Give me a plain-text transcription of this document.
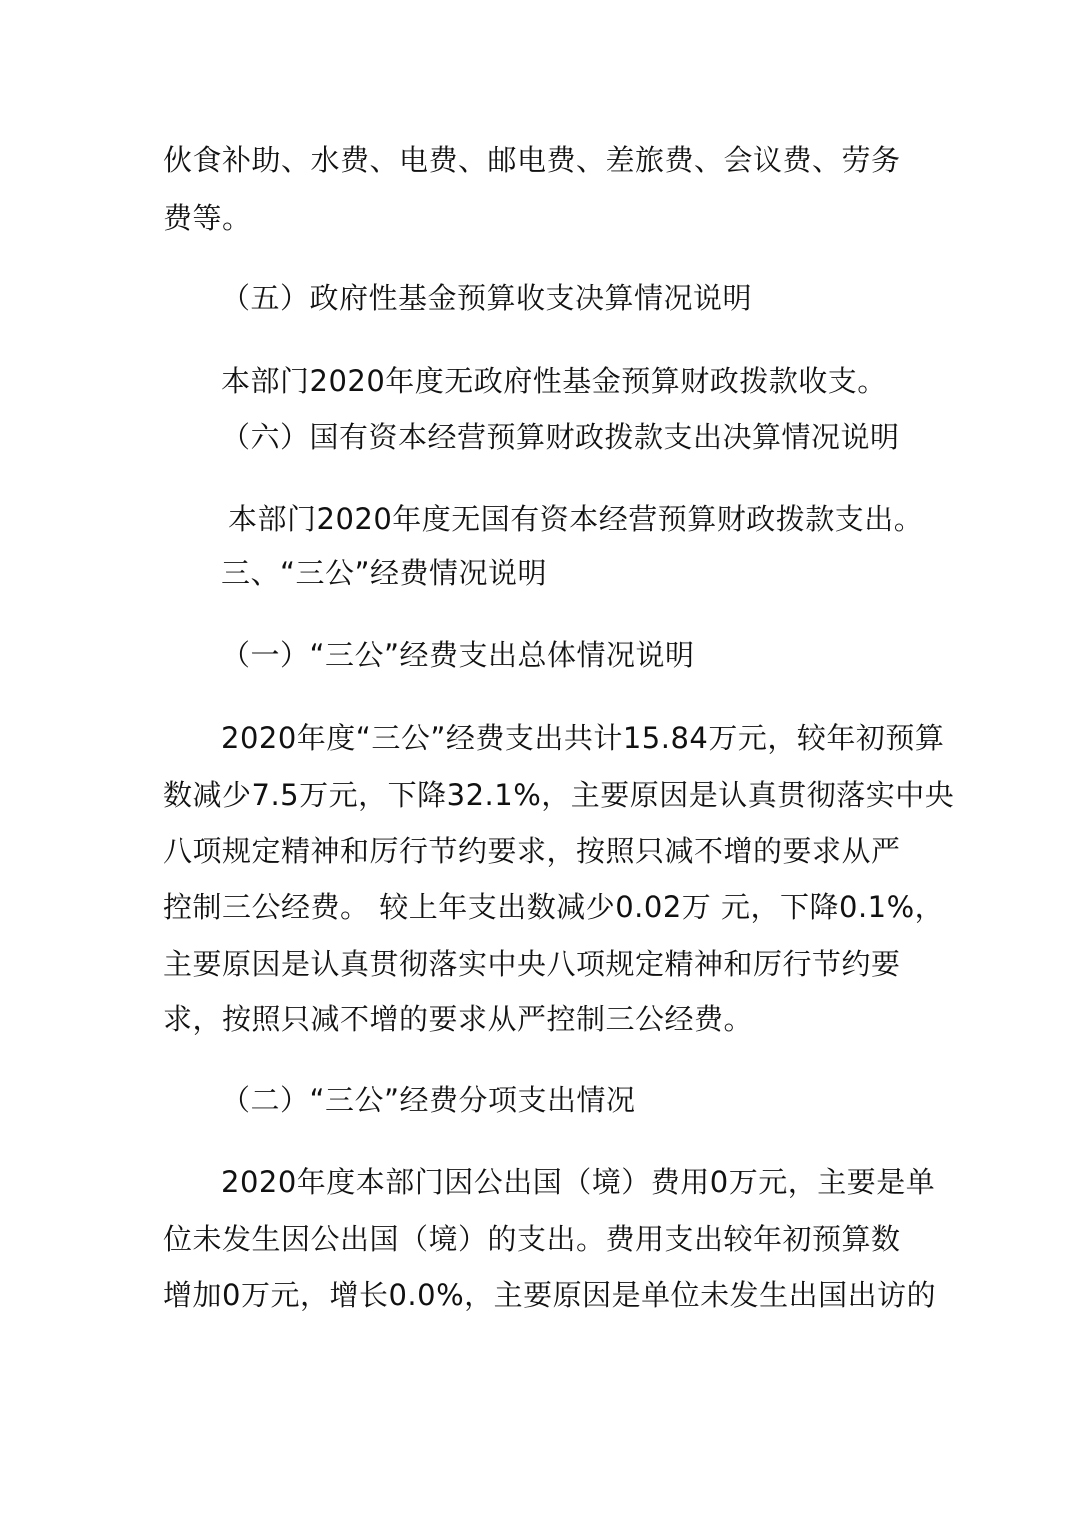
伙食补助、水费、电费、邮电费、差旅费、会议费、劳务
费等。
（五）政府性基金预算收支决算情况说明
本部门2020年度无政府性基金预算财政拨款收支。
（六）国有资本经营预算财政拨款支出决算情况说明
本部门2020年度无国有资本经营预算财政拨款支出。
三、“三公”经费情况说明
（一）“三公”经费支出总体情况说明
2020年度“三公”经费支出共计15.84万元，较年初预算
数减少7.5万元，下降32.1%，主要原因是认真贯彻落实中央
八项规定精神和厉行节约要求，按照只减不增的要求从严
控制三公经费。 较上年支出数减少0.02万 元，下降0.1%，
主要原因是认真贯彻落实中央八项规定精神和厉行节约要
求，按照只减不增的要求从严控制三公经费。
（二）“三公”经费分项支出情况
2020年度本部门因公出国（境）费用0万元，主要是单
位未发生因公出国（境）的支出。费用支出较年初预算数
增加0万元，增长0.0%，主要原因是单位未发生出国出访的
